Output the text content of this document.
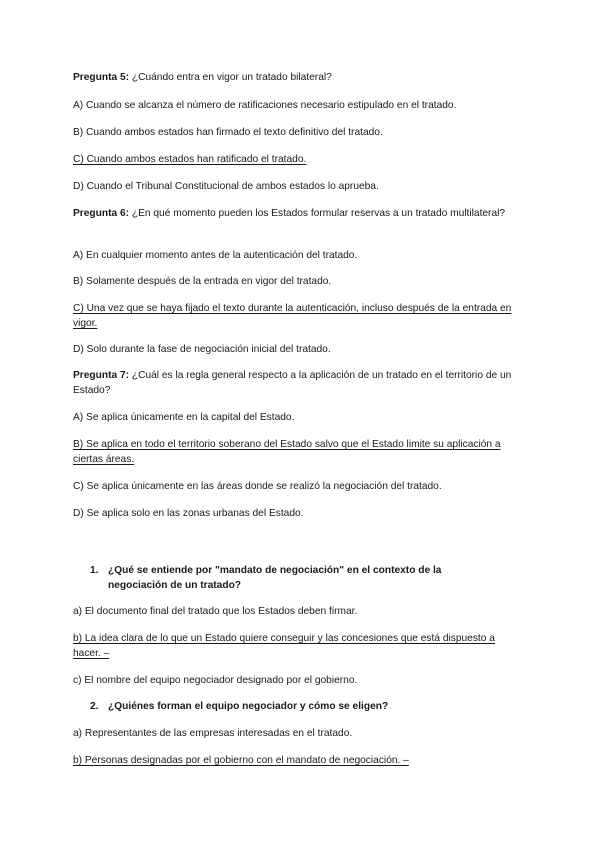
Pregunta 5: ¿Cuándo entra en vigor un tratado bilateral?
A) Cuando se alcanza el número de ratificaciones necesario estipulado en el tratado.
B) Cuando ambos estados han firmado el texto definitivo del tratado.
C) Cuando ambos estados han ratificado el tratado.
D) Cuando el Tribunal Constitucional de ambos estados lo aprueba.
Pregunta 6: ¿En qué momento pueden los Estados formular reservas a un tratado multilateral?
A) En cualquier momento antes de la autenticación del tratado.
B) Solamente después de la entrada en vigor del tratado.
C) Una vez que se haya fijado el texto durante la autenticación, incluso después de la entrada en vigor.
D) Solo durante la fase de negociación inicial del tratado.
Pregunta 7: ¿Cuál es la regla general respecto a la aplicación de un tratado en el territorio de un Estado?
A) Se aplica únicamente en la capital del Estado.
B) Se aplica en todo el territorio soberano del Estado salvo que el Estado limite su aplicación a ciertas áreas.
C) Se aplica únicamente en las áreas donde se realizó la negociación del tratado.
D) Se aplica solo en las zonas urbanas del Estado.
1. ¿Qué se entiende por "mandato de negociación" en el contexto de la negociación de un tratado?
a) El documento final del tratado que los Estados deben firmar.
b) La idea clara de lo que un Estado quiere conseguir y las concesiones que está dispuesto a hacer. –
c) El nombre del equipo negociador designado por el gobierno.
2. ¿Quiénes forman el equipo negociador y cómo se eligen?
a) Representantes de las empresas interesadas en el tratado.
b) Personas designadas por el gobierno con el mandato de negociación. –
